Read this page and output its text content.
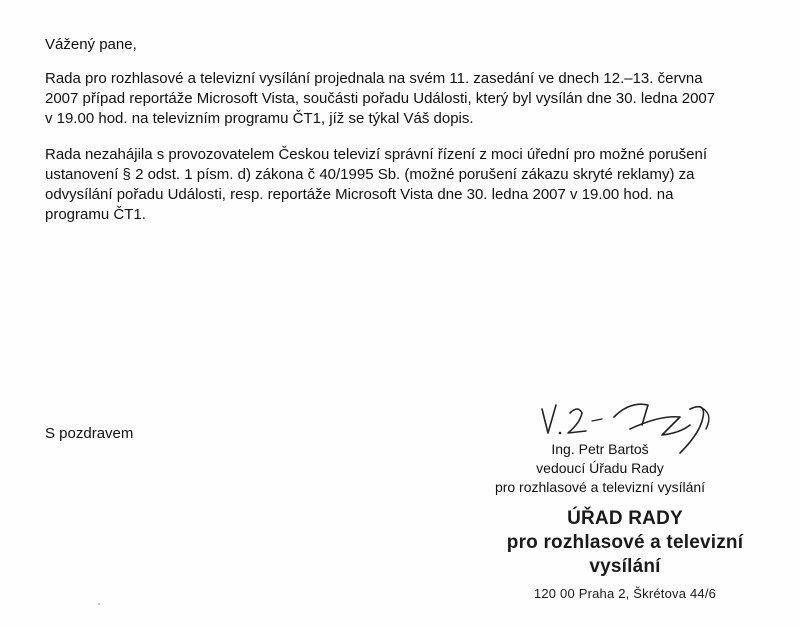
Vážený pane,

Rada pro rozhlasové a televizní vysílání projednala na svém 11. zasedání ve dnech 12.–13. června
2007 případ reportáže Microsoft Vista, součásti pořadu Události, který byl vysílán dne 30. ledna 2007
v 19.00 hod. na televizním programu ČT1, jíž se týkal Váš dopis.

Rada nezahájila s provozovatelem Českou televizí správní řízení z moci úřední pro možné porušení
ustanovení § 2 odst. 1 písm. d) zákona č 40/1995 Sb. (možné porušení zákazu skryté reklamy) za
odvysílání pořadu Události, resp. reportáže Microsoft Vista dne 30. ledna 2007 v 19.00 hod. na
programu ČT1.

S pozdravem

Ing. Petr Bartoš
vedoucí Úřadu Rady
pro rozhlasové a televizní vysílání
ÚŘAD RADY
pro rozhlasové a televizní
vysílání
120 00 Praha 2, Škrétova 44/6
